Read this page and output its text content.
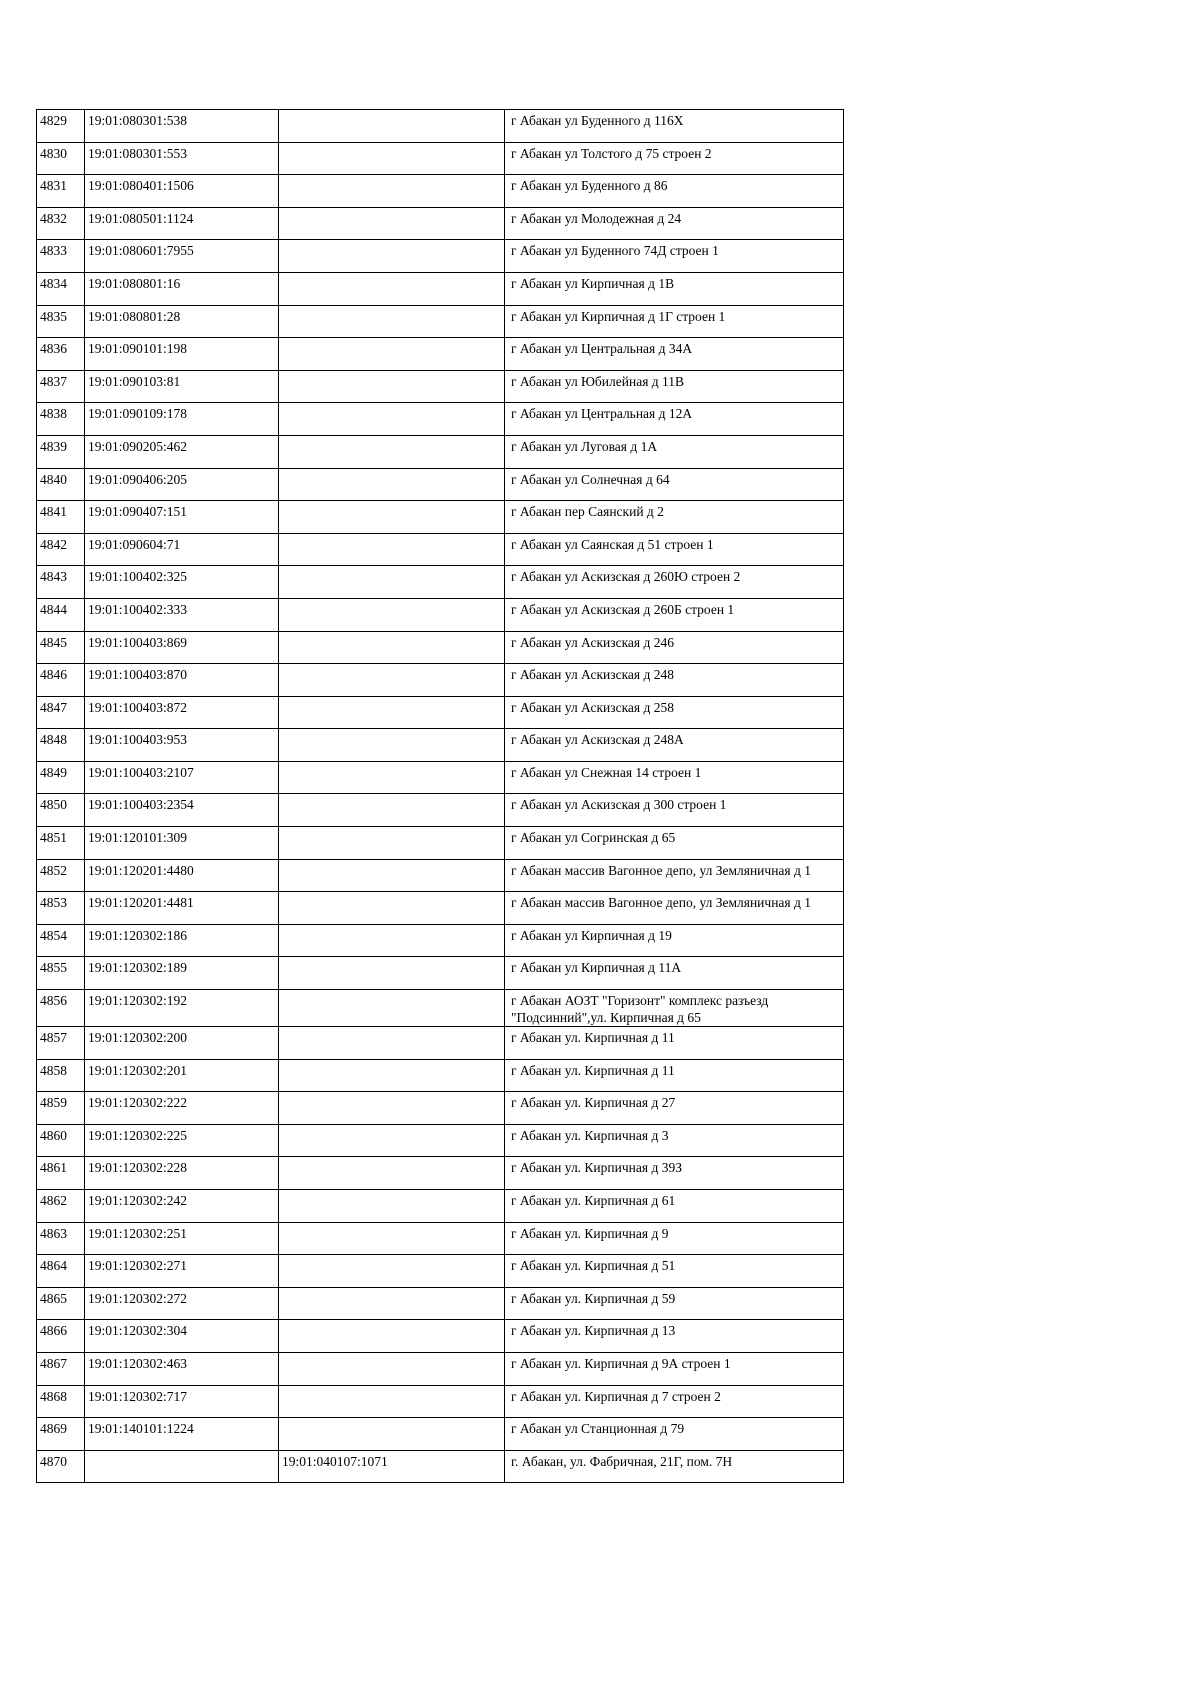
4829	19:01:080301:538		г Абакан ул Буденного д 116Х
4830	19:01:080301:553		г Абакан ул Толстого д 75 строен 2
4831	19:01:080401:1506		г Абакан ул Буденного д 86
4832	19:01:080501:1124		г Абакан ул Молодежная д 24
4833	19:01:080601:7955		г Абакан ул Буденного 74Д строен 1
4834	19:01:080801:16		г Абакан ул Кирпичная д 1В
4835	19:01:080801:28		г Абакан ул Кирпичная д 1Г строен 1
4836	19:01:090101:198		г Абакан ул Центральная д 34А
4837	19:01:090103:81		г Абакан ул Юбилейная д 11В
4838	19:01:090109:178		г Абакан ул Центральная д 12А
4839	19:01:090205:462		г Абакан ул Луговая д 1А
4840	19:01:090406:205		г Абакан ул Солнечная д 64
4841	19:01:090407:151		г Абакан пер Саянский д 2
4842	19:01:090604:71		г Абакан ул Саянская д 51 строен 1
4843	19:01:100402:325		г Абакан ул Аскизская д 260Ю строен 2
4844	19:01:100402:333		г Абакан ул Аскизская д 260Б строен 1
4845	19:01:100403:869		г Абакан ул Аскизская д 246
4846	19:01:100403:870		г Абакан ул Аскизская д 248
4847	19:01:100403:872		г Абакан ул Аскизская д 258
4848	19:01:100403:953		г Абакан ул Аскизская д 248А
4849	19:01:100403:2107		г Абакан ул Снежная 14 строен 1
4850	19:01:100403:2354		г Абакан ул Аскизская д 300 строен 1
4851	19:01:120101:309		г Абакан ул Согринская д 65
4852	19:01:120201:4480		г Абакан массив Вагонное депо, ул Земляничная д 1
4853	19:01:120201:4481		г Абакан массив Вагонное депо, ул Земляничная д 1
4854	19:01:120302:186		г Абакан ул Кирпичная д 19
4855	19:01:120302:189		г Абакан ул Кирпичная д 11А
4856	19:01:120302:192		г Абакан АОЗТ "Горизонт" комплекс разъезд "Подсинний",ул. Кирпичная д 65
4857	19:01:120302:200		г Абакан ул. Кирпичная д 11
4858	19:01:120302:201		г Абакан ул. Кирпичная д 11
4859	19:01:120302:222		г Абакан ул. Кирпичная д 27
4860	19:01:120302:225		г Абакан ул. Кирпичная д 3
4861	19:01:120302:228		г Абакан ул. Кирпичная д 39З
4862	19:01:120302:242		г Абакан ул. Кирпичная д 61
4863	19:01:120302:251		г Абакан ул. Кирпичная д 9
4864	19:01:120302:271		г Абакан ул. Кирпичная д 51
4865	19:01:120302:272		г Абакан ул. Кирпичная д 59
4866	19:01:120302:304		г Абакан ул. Кирпичная д 13
4867	19:01:120302:463		г Абакан ул. Кирпичная д 9А строен 1
4868	19:01:120302:717		г Абакан ул. Кирпичная д 7 строен 2
4869	19:01:140101:1224		г Абакан ул Станционная д 79
4870		19:01:040107:1071	г. Абакан, ул. Фабричная, 21Г, пом. 7Н
